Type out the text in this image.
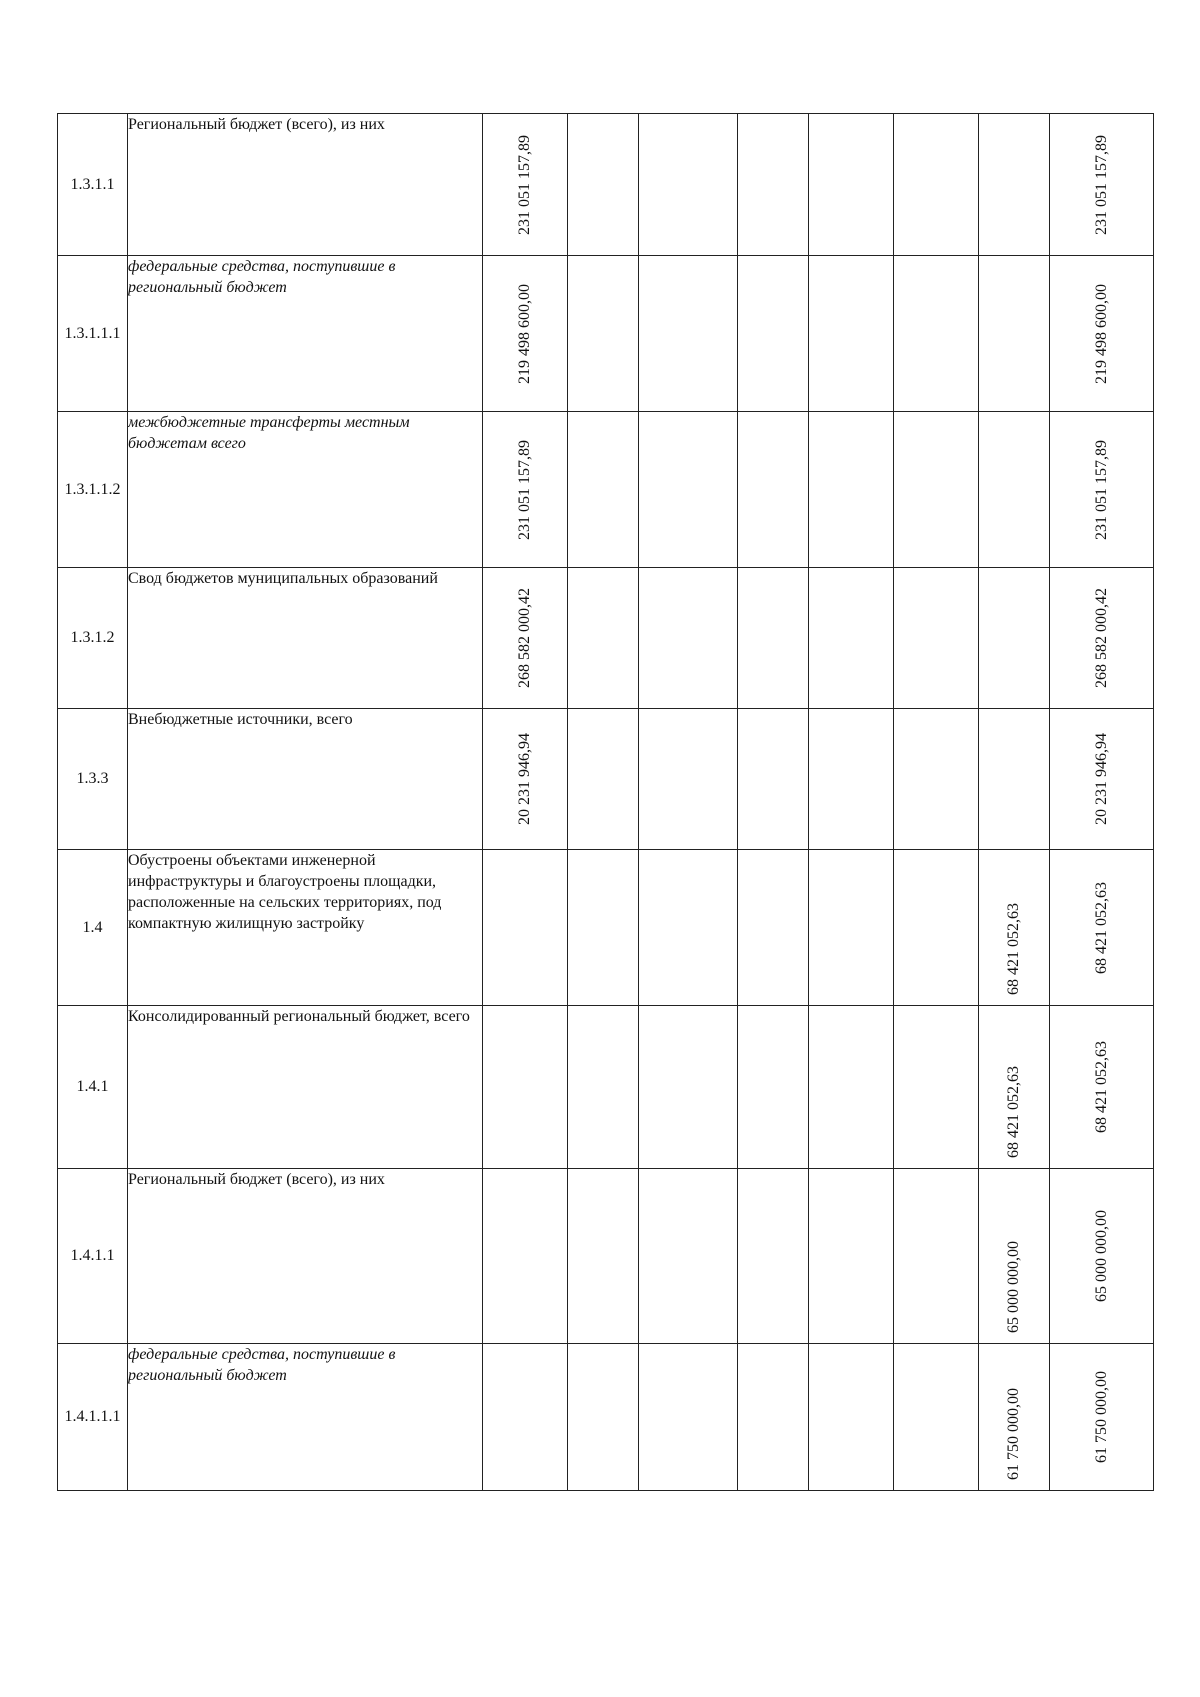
1.3.1.1	Региональный бюджет (всего), из них	231 051 157,89							231 051 157,89

1.3.1.1.1	федеральные средства, поступившие в региональный бюджет	219 498 600,00							219 498 600,00

1.3.1.1.2	межбюджетные трансферты местным бюджетам всего	231 051 157,89							231 051 157,89

1.3.1.2	Свод бюджетов муниципальных образований	268 582 000,42							268 582 000,42

1.3.3	Внебюджетные источники, всего	20 231 946,94							20 231 946,94

1.4	Обустроены объектами инженерной инфраструктуры и благоустроены площадки, расположенные на сельских территориях, под компактную жилищную застройку							68 421 052,63	68 421 052,63

1.4.1	Консолидированный региональный бюджет, всего							68 421 052,63	68 421 052,63

1.4.1.1	Региональный бюджет (всего), из них							65 000 000,00	65 000 000,00

1.4.1.1.1	федеральные средства, поступившие в региональный бюджет							61 750 000,00	61 750 000,00
